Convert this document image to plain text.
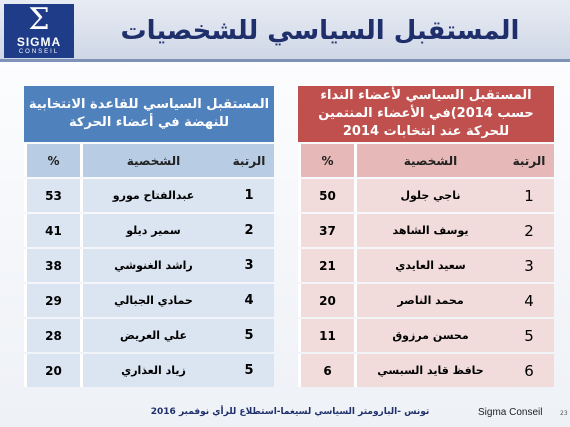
Σ
SIGMA
CONSEIL
المستقبل السياسي للشخصيات
المستقبل السياسي للقاعدة الانتخابية للنهضة في أعضاء الحركة
الرتبة	الشخصية	%
1	عبدالفتاح مورو	53
2	سمير ديلو	41
3	راشد الغنوشي	38
4	حمادي الجبالي	29
5	علي العريض	28
5	زياد العذاري	20
المستقبل السياسي لأعضاء النداء حسب 2014)في الأعضاء المنتمين للحركة عند انتخابات 2014
الرتبة	الشخصية	%
1	ناجي جلول	50
2	يوسف الشاهد	37
3	سعيد العايدي	21
4	محمد الناصر	20
5	محسن مرزوق	11
6	حافظ قايد السبسي	6
تونس -البارومتر السياسي لسيغما-استطلاع للرأي نوفمبر 2016	Sigma Conseil	23
